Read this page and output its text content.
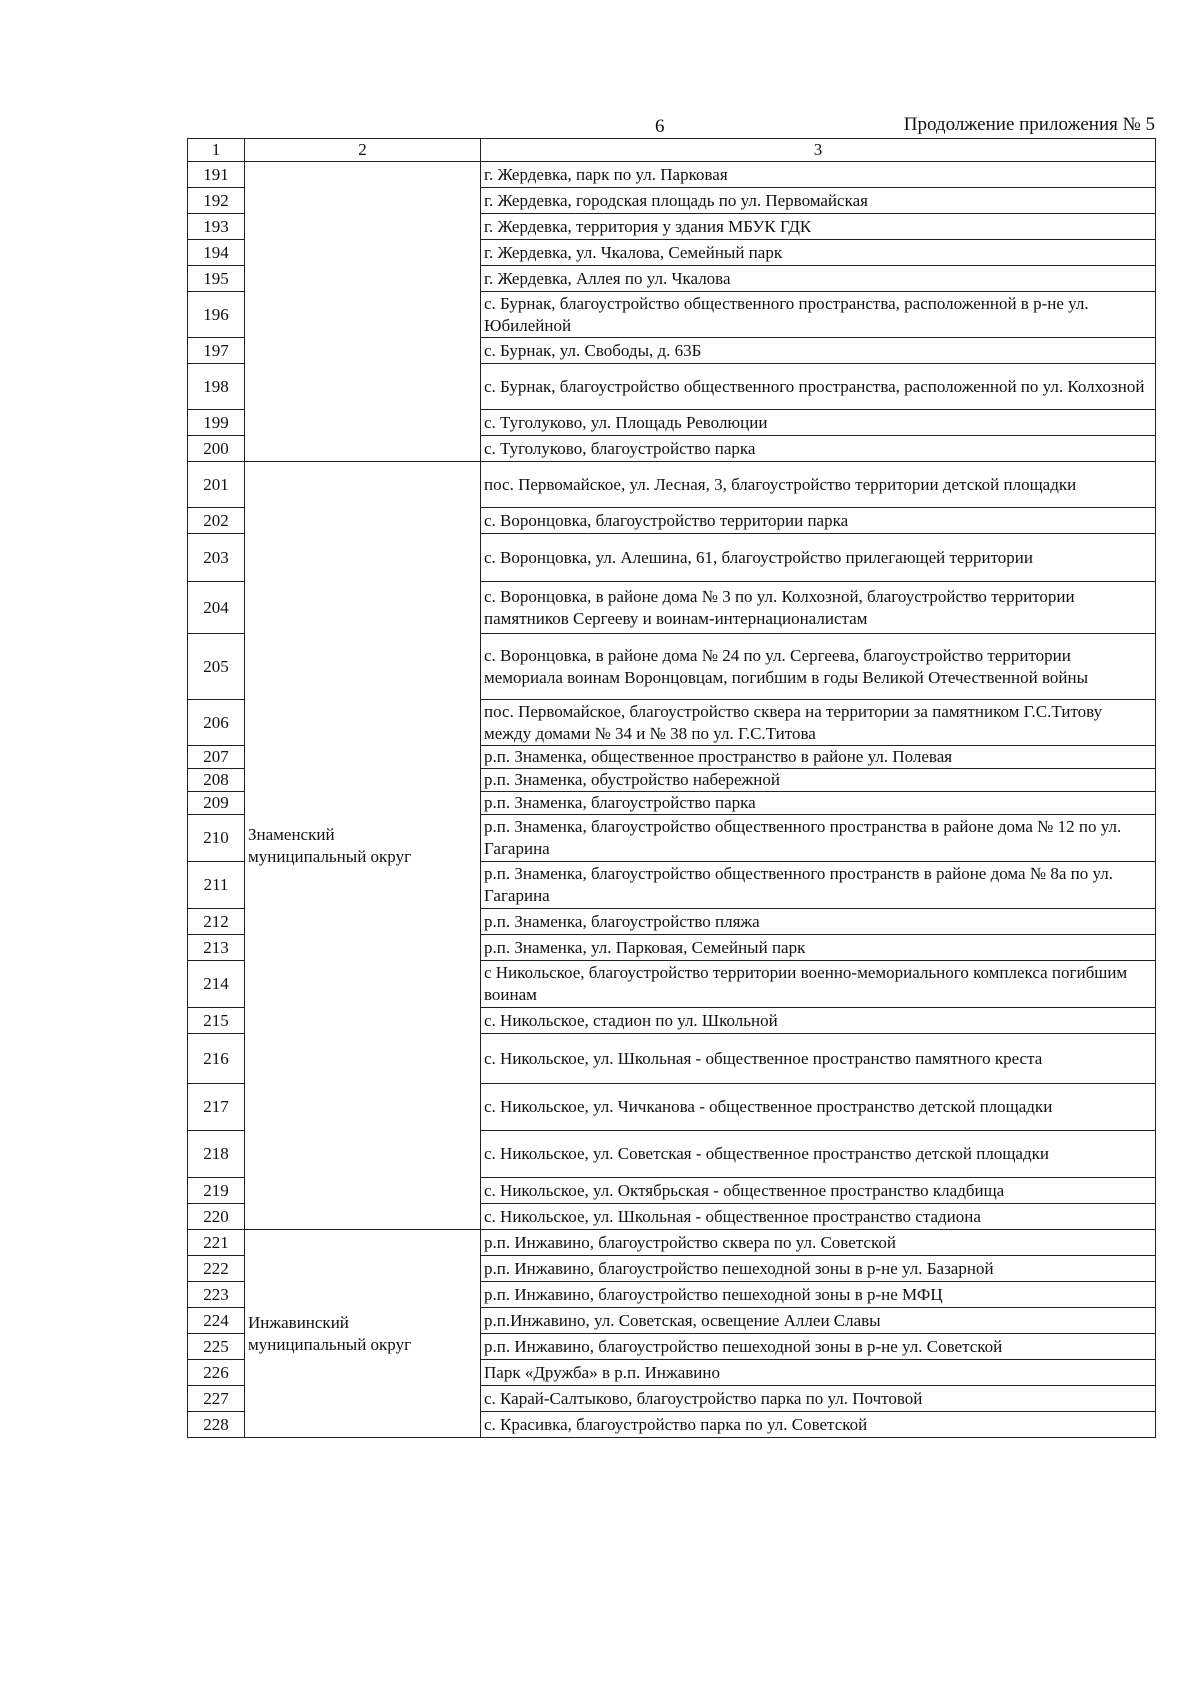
6	Продолжение приложения № 5
1	2	3
191		г. Жердевка, парк по ул. Парковая
192		г. Жердевка, городская площадь по ул. Первомайская
193		г. Жердевка, территория у здания МБУК ГДК
194		г. Жердевка, ул. Чкалова, Семейный парк
195		г. Жердевка, Аллея по ул. Чкалова
196		с. Бурнак, благоустройство общественного пространства, расположенной в р-не ул. Юбилейной
197		с. Бурнак, ул. Свободы, д. 63Б
198		с. Бурнак, благоустройство общественного пространства, расположенной по ул. Колхозной
199		с. Туголуково, ул. Площадь Революции
200		с. Туголуково, благоустройство парка
201	Знаменский
муниципальный округ	пос. Первомайское, ул. Лесная, 3, благоустройство территории детской площадки
202		с. Воронцовка, благоустройство территории парка
203		с. Воронцовка, ул. Алешина, 61, благоустройство прилегающей территории
204		с. Воронцовка, в районе дома № 3 по ул. Колхозной, благоустройство территории памятников Сергееву и воинам-интернационалистам
205		с. Воронцовка, в районе дома № 24 по ул. Сергеева, благоустройство территории мемориала воинам Воронцовцам, погибшим в годы Великой Отечественной войны
206		пос. Первомайское, благоустройство сквера на территории за памятником Г.С.Титову между домами № 34 и № 38 по ул. Г.С.Титова
207		р.п. Знаменка, общественное пространство в районе ул. Полевая
208		р.п. Знаменка, обустройство набережной
209		р.п. Знаменка, благоустройство парка
210		р.п. Знаменка, благоустройство общественного пространства в районе дома № 12 по ул. Гагарина
211		р.п. Знаменка, благоустройство общественного пространств в районе дома № 8а по ул. Гагарина
212		р.п. Знаменка, благоустройство пляжа
213		р.п. Знаменка, ул. Парковая, Семейный парк
214		с Никольское, благоустройство территории военно-мемориального комплекса погибшим воинам
215		с. Никольское, стадион по ул. Школьной
216		с. Никольское, ул. Школьная - общественное пространство памятного креста
217		с. Никольское, ул. Чичканова - общественное пространство детской площадки
218		с. Никольское, ул. Советская - общественное пространство детской площадки
219		с. Никольское, ул. Октябрьская - общественное пространство кладбища
220		с. Никольское, ул. Школьная - общественное пространство стадиона
221	Инжавинский
муниципальный округ	р.п. Инжавино, благоустройство сквера по ул. Советской
222		р.п. Инжавино, благоустройство пешеходной зоны в р-не ул. Базарной
223		р.п. Инжавино, благоустройство пешеходной зоны в р-не МФЦ
224		р.п.Инжавино, ул. Советская, освещение Аллеи Славы
225		р.п. Инжавино, благоустройство пешеходной зоны в р-не ул. Советской
226		Парк «Дружба» в р.п. Инжавино
227		с. Карай-Салтыково, благоустройство парка по ул. Почтовой
228		с. Красивка, благоустройство парка по ул. Советской
